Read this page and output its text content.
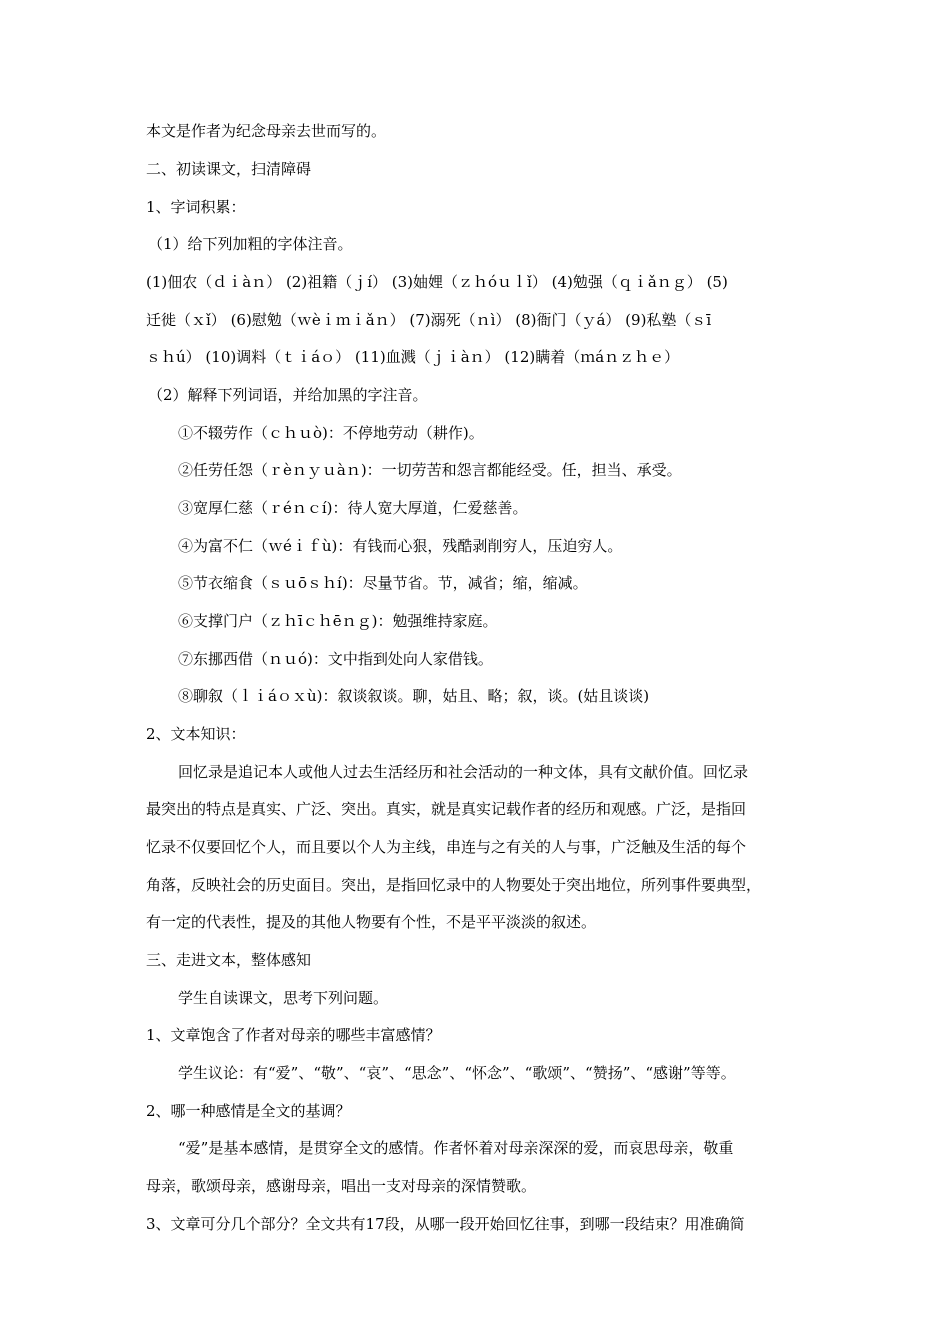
本文是作者为纪念母亲去世而写的。
二、初读课文，扫清障碍
1、字词积累：
（1）给下列加粗的字体注音。
(1)佃农（ｄｉàｎ） (2)祖籍（ｊí） (3)妯娌（ｚｈóｕｌǐ） (4)勉强（ｑｉǎｎｇ） (5)
迁徙（ｘǐ） (6)慰勉（ｗèｉｍｉǎｎ） (7)溺死（ｎì） (8)衙门（ｙá） (9)私塾（ｓī
ｓｈú） (10)调料（ｔｉáｏ） (11)血溅（ｊｉàｎ） (12)瞒着（ｍáｎｚｈｅ）
（2）解释下列词语，并给加黑的字注音。
①不辍劳作（ｃｈｕò)：不停地劳动（耕作)。
②任劳任怨（ｒèｎｙｕàｎ)：一切劳苦和怨言都能经受。任，担当、承受。
③宽厚仁慈（ｒéｎｃí)：待人宽大厚道，仁爱慈善。
④为富不仁（ｗéｉｆù)：有钱而心狠，残酷剥削穷人，压迫穷人。
⑤节衣缩食（ｓｕōｓｈí)：尽量节省。节，减省；缩，缩减。
⑥支撑门户（ｚｈīｃｈēｎｇ)：勉强维持家庭。
⑦东挪西借（ｎｕó)：文中指到处向人家借钱。
⑧聊叙（ｌｉáｏｘù)：叙谈叙谈。聊，姑且、略；叙，谈。(姑且谈谈)
2、文本知识：
回忆录是追记本人或他人过去生活经历和社会活动的一种文体，具有文献价值。回忆录
最突出的特点是真实、广泛、突出。真实，就是真实记载作者的经历和观感。广泛，是指回
忆录不仅要回忆个人，而且要以个人为主线，串连与之有关的人与事，广泛触及生活的每个
角落，反映社会的历史面目。突出，是指回忆录中的人物要处于突出地位，所列事件要典型，
有一定的代表性，提及的其他人物要有个性，不是平平淡淡的叙述。
三、走进文本，整体感知
学生自读课文，思考下列问题。
1、文章饱含了作者对母亲的哪些丰富感情？
学生议论：有“爱”、“敬”、“哀”、“思念”、“怀念”、“歌颂”、“赞扬”、“感谢”等等。
2、哪一种感情是全文的基调？
“爱”是基本感情，是贯穿全文的感情。作者怀着对母亲深深的爱，而哀思母亲，敬重
母亲，歌颂母亲，感谢母亲，唱出一支对母亲的深情赞歌。
3、文章可分几个部分？全文共有17段，从哪一段开始回忆往事，到哪一段结束？用准确简
